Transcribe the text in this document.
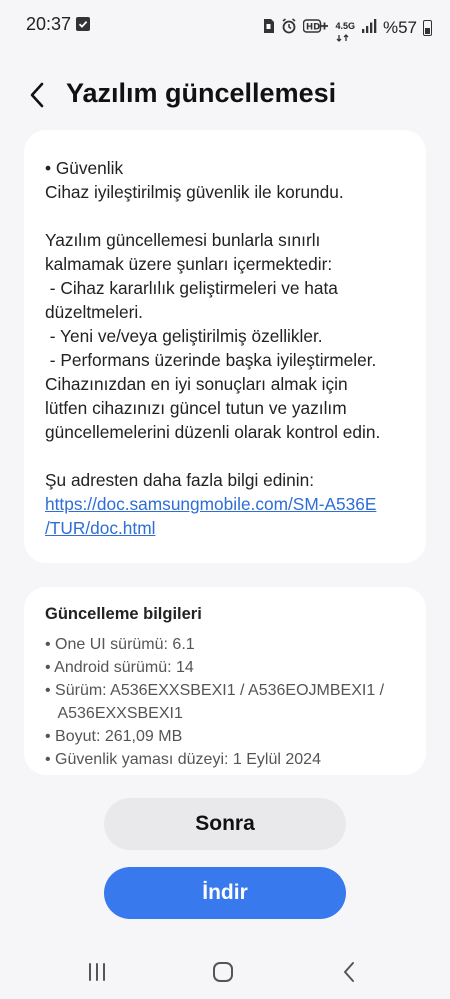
20:37	HD 4.5G %57
Yazılım güncellemesi
• Güvenlik
Cihaz iyileştirilmiş güvenlik ile korundu.
Yazılım güncellemesi bunlarla sınırlı
kalmamak üzere şunları içermektedir:
- Cihaz kararlılık geliştirmeleri ve hata
düzeltmeleri.
- Yeni ve/veya geliştirilmiş özellikler.
- Performans üzerinde başka iyileştirmeler.
Cihazınızdan en iyi sonuçları almak için
lütfen cihazınızı güncel tutun ve yazılım
güncellemelerini düzenli olarak kontrol edin.
Şu adresten daha fazla bilgi edinin:
https://doc.samsungmobile.com/SM-A536E
/TUR/doc.html
Güncelleme bilgileri
• One UI sürümü: 6.1
• Android sürümü: 14
• Sürüm: A536EXXSBEXI1 / A536EOJMBEXI1 /
A536EXXSBEXI1
• Boyut: 261,09 MB
• Güvenlik yaması düzeyi: 1 Eylül 2024
Sonra
İndir
